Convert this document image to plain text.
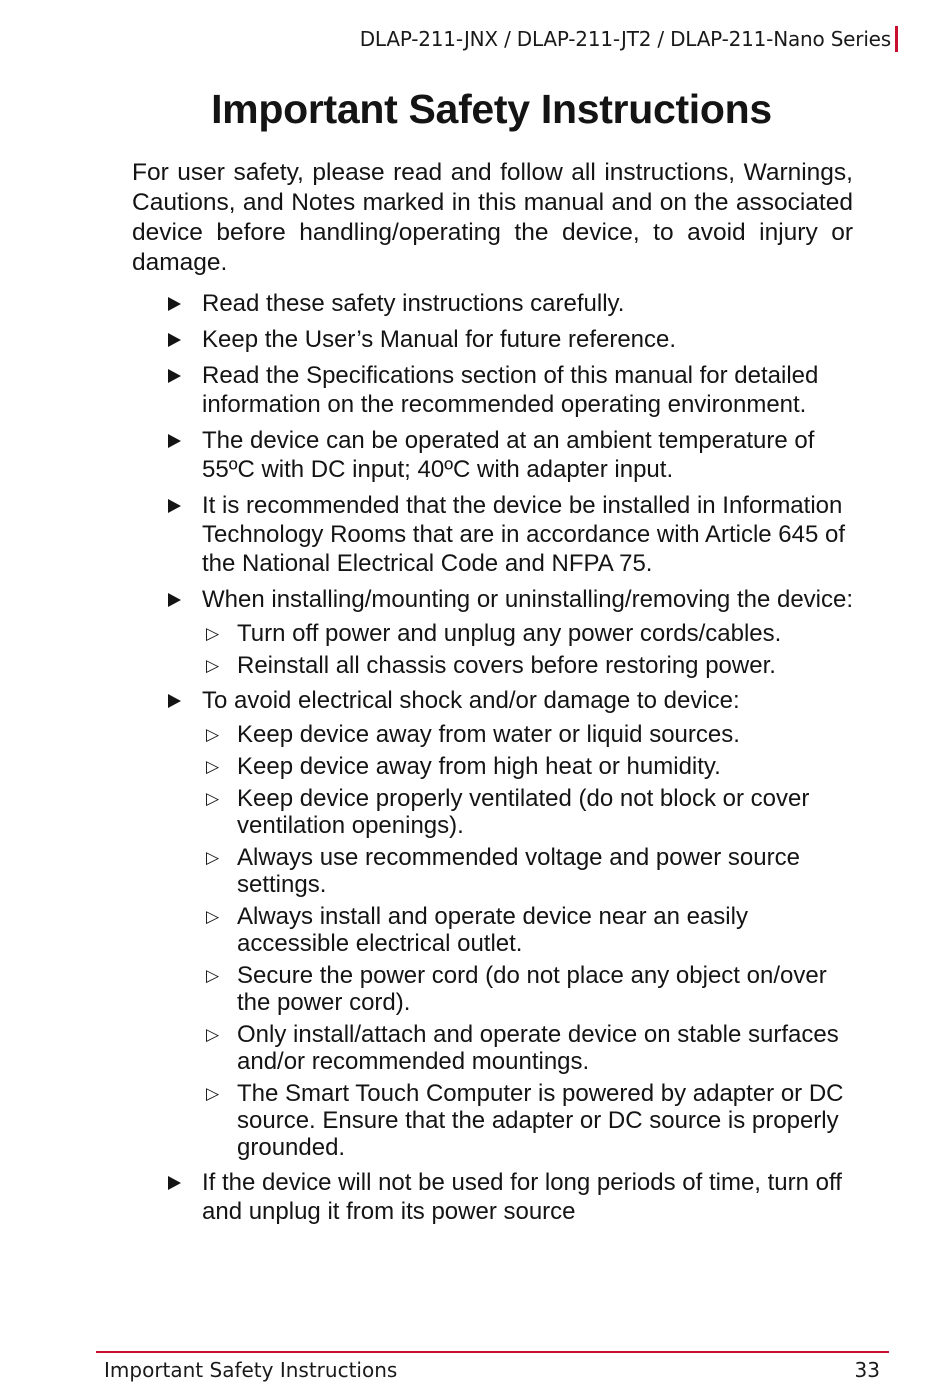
DLAP-211-JNX / DLAP-211-JT2 / DLAP-211-Nano Series
Important Safety Instructions

For user safety, please read and follow all instructions, Warnings, Cautions, and Notes marked in this manual and on the associated device before handling/operating the device, to avoid injury or damage.

Read these safety instructions carefully.
Keep the User’s Manual for future reference.
Read the Specifications section of this manual for detailed information on the recommended operating environment.
The device can be operated at an ambient temperature of 55ºC with DC input; 40ºC with adapter input.
It is recommended that the device be installed in Information Technology Rooms that are in accordance with Article 645 of the National Electrical Code and NFPA 75.
When installing/mounting or uninstalling/removing the device:
▷ Turn off power and unplug any power cords/cables.
▷ Reinstall all chassis covers before restoring power.
To avoid electrical shock and/or damage to device:
▷ Keep device away from water or liquid sources.
▷ Keep device away from high heat or humidity.
▷ Keep device properly ventilated (do not block or cover ventilation openings).
▷ Always use recommended voltage and power source settings.
▷ Always install and operate device near an easily accessible electrical outlet.
▷ Secure the power cord (do not place any object on/over the power cord).
▷ Only install/attach and operate device on stable surfaces and/or recommended mountings.
▷ The Smart Touch Computer is powered by adapter or DC source. Ensure that the adapter or DC source is properly grounded.
If the device will not be used for long periods of time, turn off and unplug it from its power source
Important Safety Instructions	33
